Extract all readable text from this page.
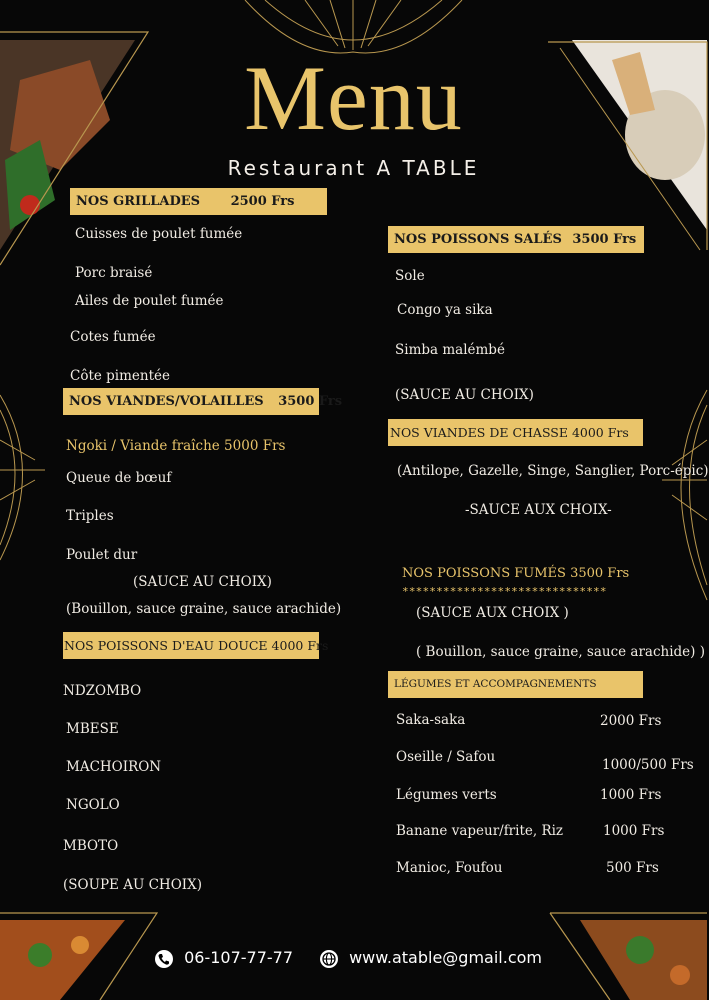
Menu
Restaurant A TABLE
NOS GRILLADES 2500 Frs
Cuisses de poulet fumée
Porc braisé
Ailes de poulet fumée
Cotes fumée
Côte pimentée
NOS VIANDES/VOLAILLES 3500 Frs
Ngoki / Viande fraîche 5000 Frs
Queue de bœuf
Triples
Poulet dur
(SAUCE AU CHOIX)
(Bouillon, sauce graine, sauce arachide)
NOS POISSONS D'EAU DOUCE 4000 Frs
NDZOMBO
MBESE
MACHOIRON
NGOLO
MBOTO
(SOUPE AU CHOIX)
NOS POISSONS SALÉS 3500 Frs
Sole
Congo ya sika
Simba malémbé
(SAUCE AU CHOIX)
NOS VIANDES DE CHASSE 4000 Frs
(Antilope, Gazelle, Singe, Sanglier, Porc-épic)
-SAUCE AUX CHOIX-
NOS POISSONS FUMÉS 3500 Frs
******************************
(SAUCE AUX CHOIX )
( Bouillon, sauce graine, sauce arachide) )
LÉGUMES ET ACCOMPAGNEMENTS
Saka-saka	2000 Frs
Oseille / Safou	1000/500 Frs
Légumes verts	1000 Frs
Banane vapeur/frite, Riz	1000 Frs
Manioc, Foufou	500 Frs
06-107-77-77	www.atable@gmail.com
